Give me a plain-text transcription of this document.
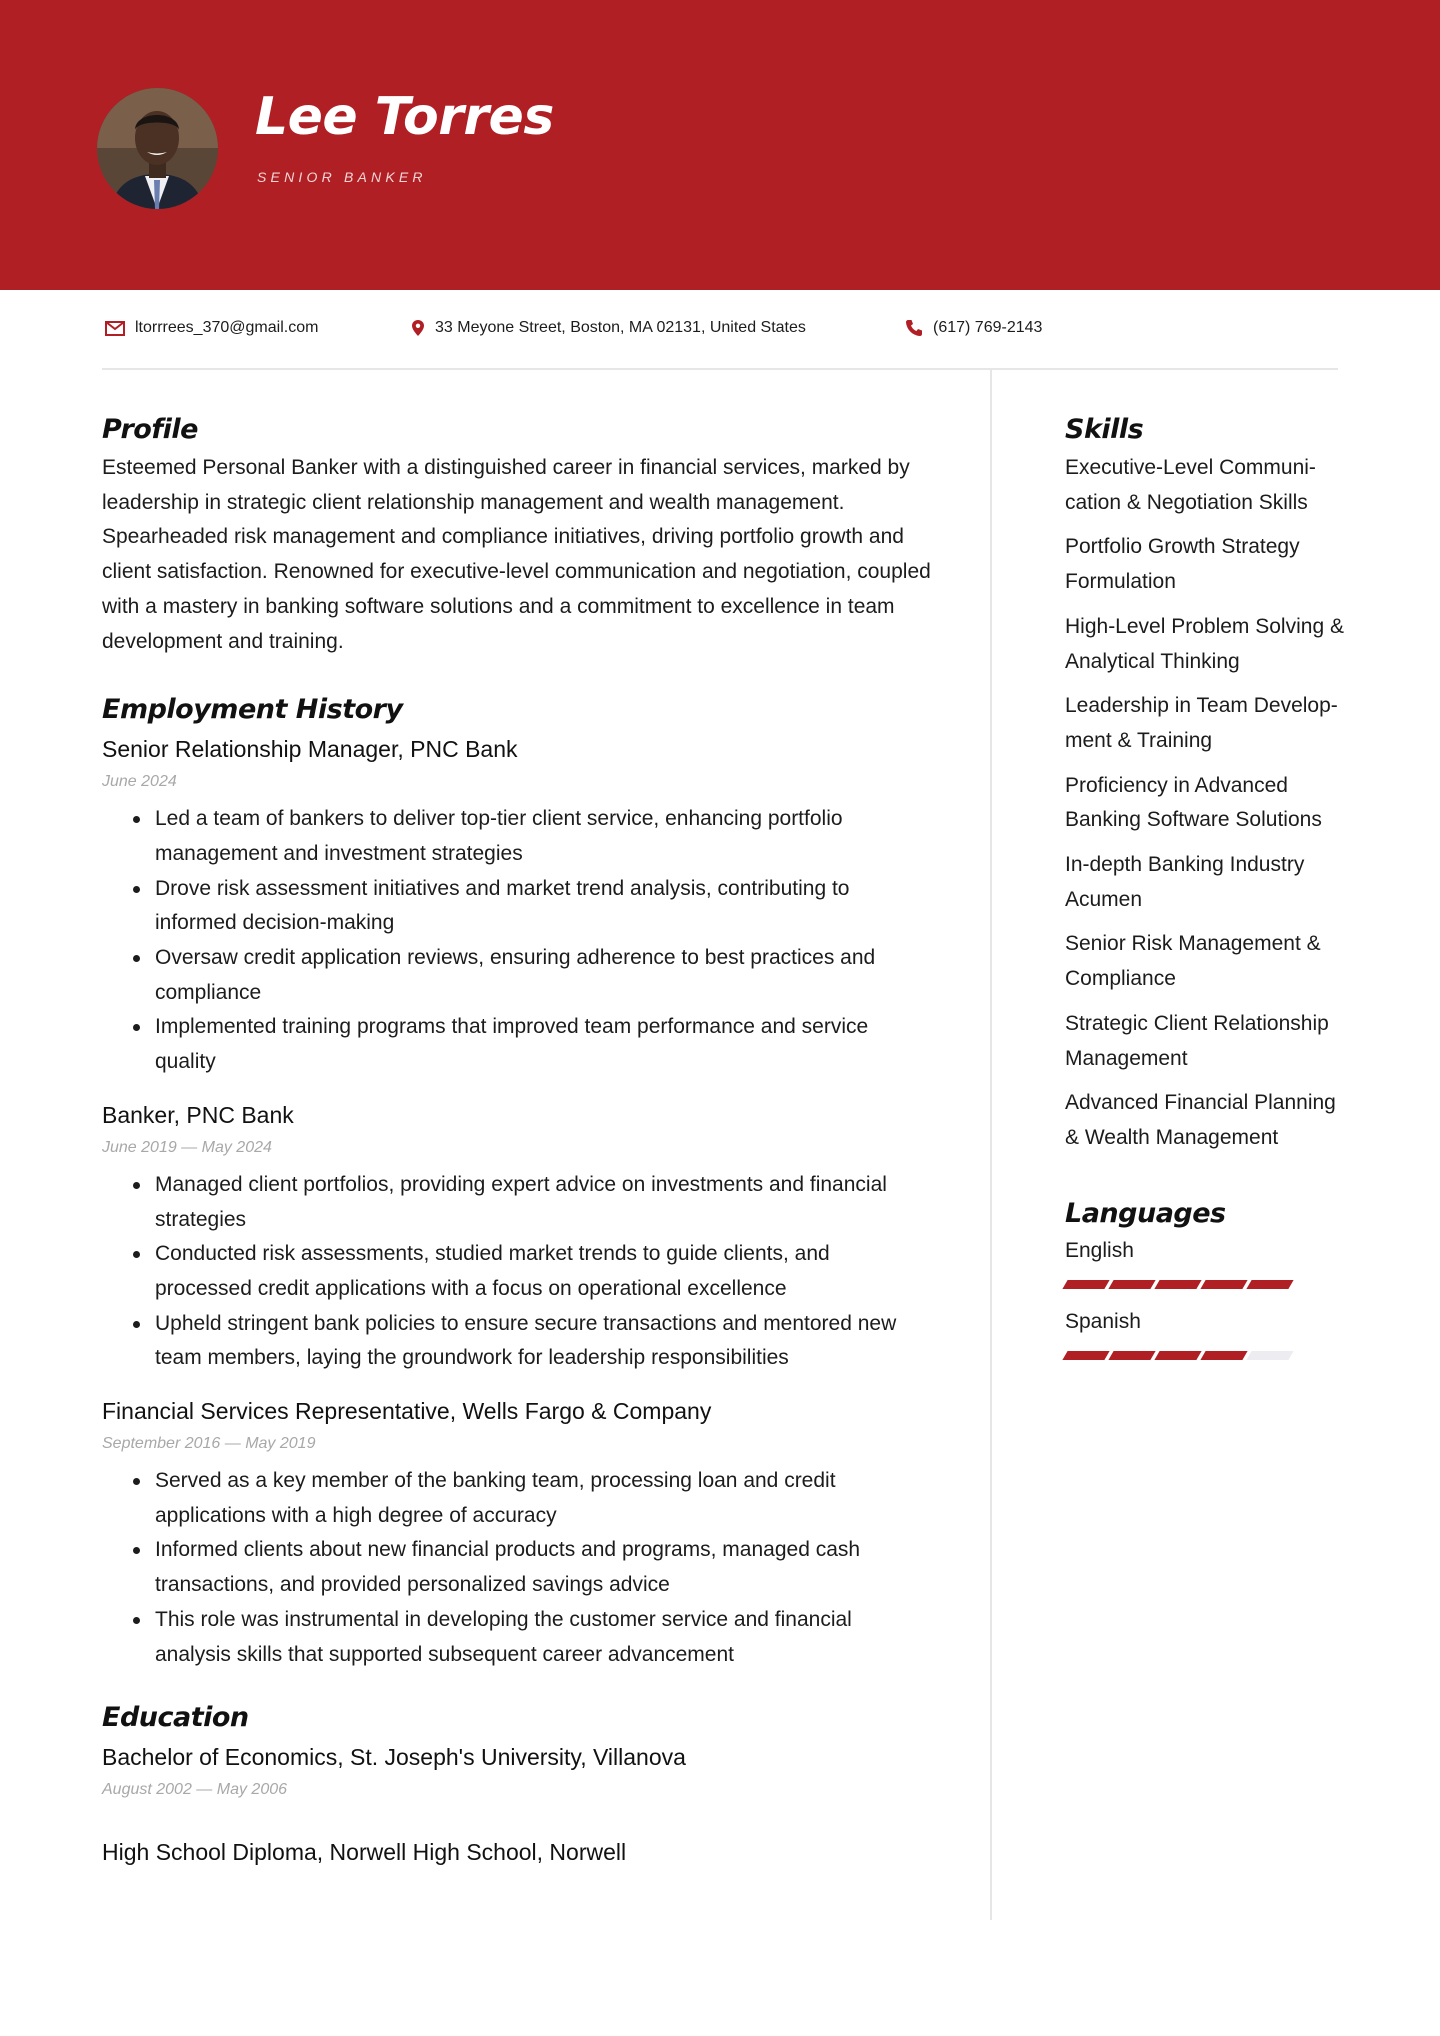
Lee Torres
SENIOR BANKER
ltorrrees_370@gmail.com	33 Meyone Street, Boston, MA 02131, United States	(617) 769-2143
Profile

Esteemed Personal Banker with a distinguished career in financial services, marked by leadership in strategic client relationship management and wealth management. Spearheaded risk management and compliance initiatives, driving portfolio growth and client satisfaction. Renowned for executive-level communication and negotiation, coupled with a mastery in banking software solutions and a commitment to excellence in team development and training.

Employment History
Senior Relationship Manager, PNC Bank
June 2024
Led a team of bankers to deliver top-tier client service, enhancing portfolio management and investment strategies
Drove risk assessment initiatives and market trend analysis, contributing to informed decision-making
Oversaw credit application reviews, ensuring adherence to best practices and compliance
Implemented training programs that improved team performance and service quality
Banker, PNC Bank
June 2019 — May 2024
Managed client portfolios, providing expert advice on investments and financial strategies
Conducted risk assessments, studied market trends to guide clients, and processed credit applications with a focus on operational excellence
Upheld stringent bank policies to ensure secure transactions and mentored new team members, laying the groundwork for leadership responsibilities
Financial Services Representative, Wells Fargo & Company
September 2016 — May 2019
Served as a key member of the banking team, processing loan and credit applications with a high degree of accuracy
Informed clients about new financial products and programs, managed cash transactions, and provided personalized savings advice
This role was instrumental in developing the customer service and financial analysis skills that supported subsequent career advancement
Education
Bachelor of Economics, St. Joseph's University, Villanova
August 2002 — May 2006
High School Diploma, Norwell High School, Norwell
Skills
Executive-Level Communi-cation & Negotiation Skills
Portfolio Growth Strategy Formulation
High-Level Problem Solving & Analytical Thinking
Leadership in Team Develop-ment & Training
Proficiency in Advanced Banking Software Solutions
In-depth Banking Industry Acumen
Senior Risk Management & Compliance
Strategic Client Relationship Management
Advanced Financial Planning & Wealth Management
Languages
English
Spanish
